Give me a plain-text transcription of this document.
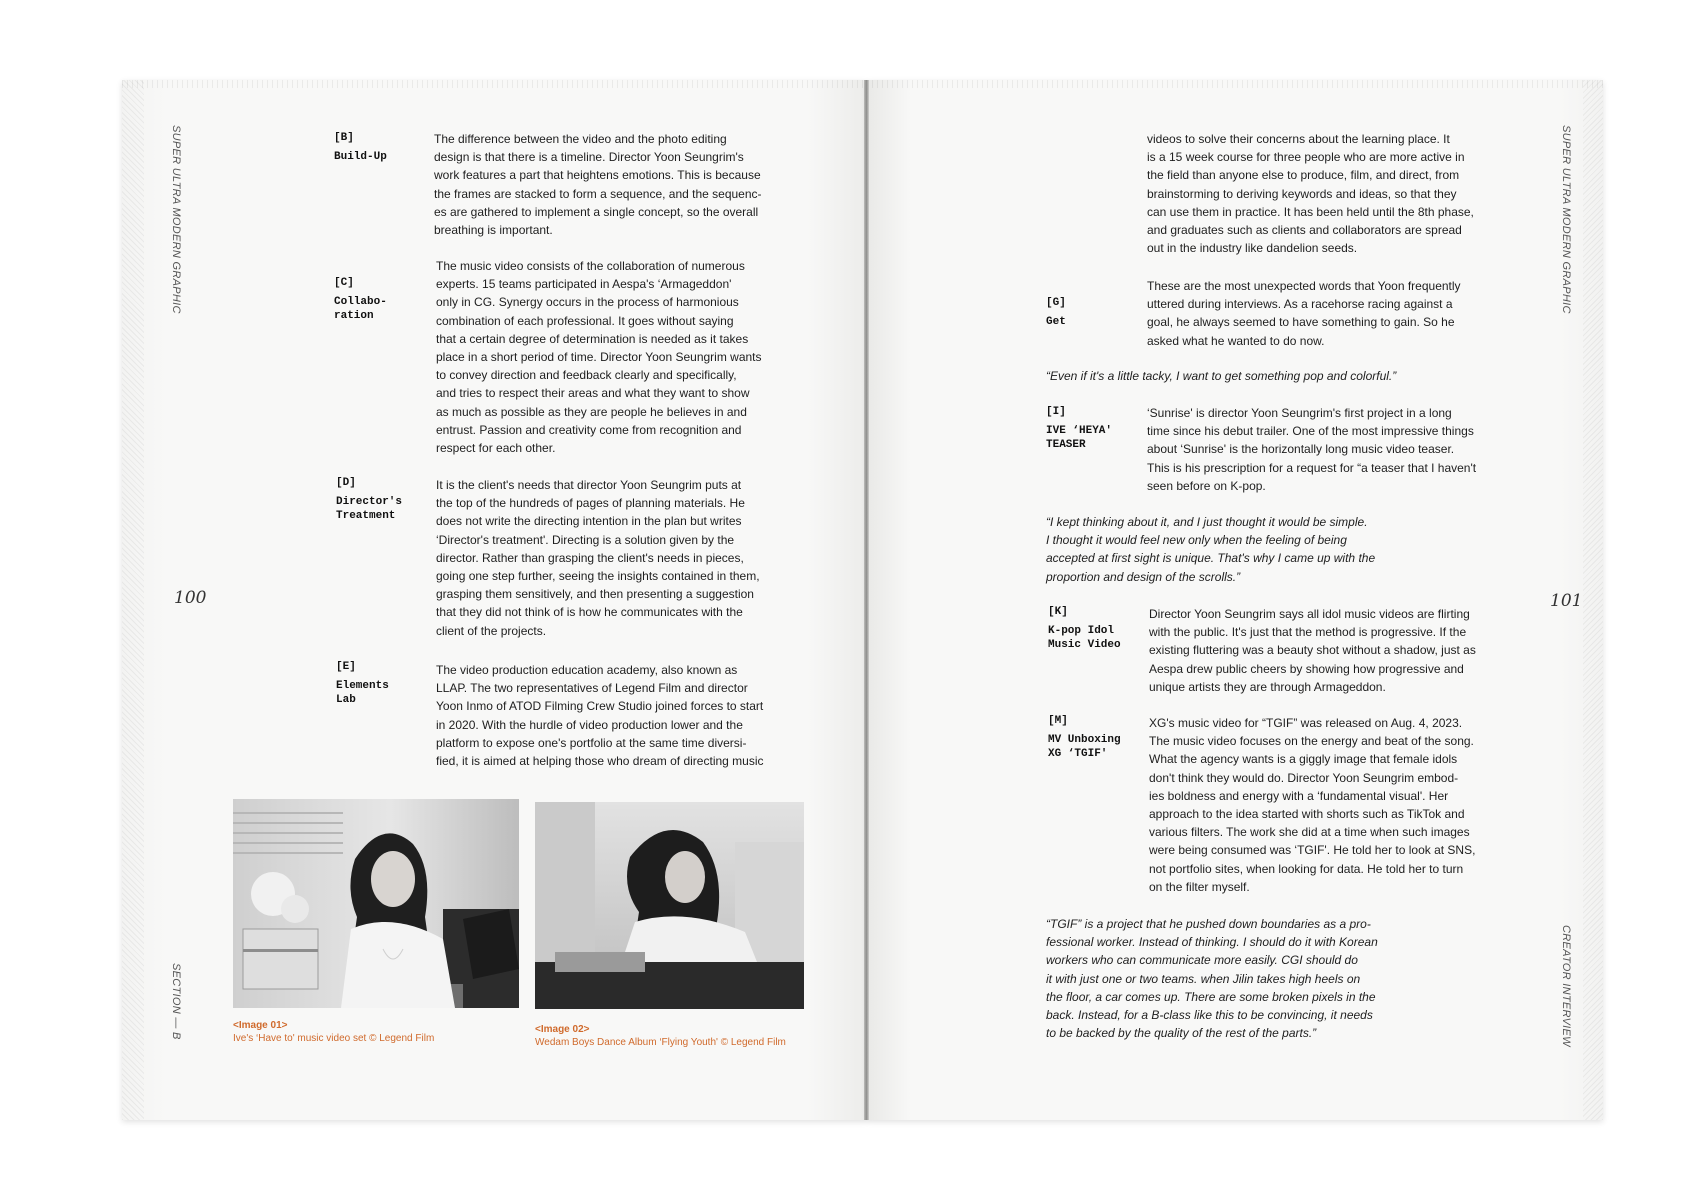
SUPER ULTRA MODERN GRAPHIC
100
SECTION — B
[B]
Build-Up
The difference between the video and the photo editing
design is that there is a timeline. Director Yoon Seungrim's
work features a part that heightens emotions. This is because
the frames are stacked to form a sequence, and the sequenc-
es are gathered to implement a single concept, so the overall
breathing is important.
[C]
Collabo-
ration
The music video consists of the collaboration of numerous
experts. 15 teams participated in Aespa's ‘Armageddon'
only in CG. Synergy occurs in the process of harmonious
combination of each professional. It goes without saying
that a certain degree of determination is needed as it takes
place in a short period of time. Director Yoon Seungrim wants
to convey direction and feedback clearly and specifically,
and tries to respect their areas and what they want to show
as much as possible as they are people he believes in and
entrust. Passion and creativity come from recognition and
respect for each other.
[D]
Director's
Treatment
It is the client's needs that director Yoon Seungrim puts at
the top of the hundreds of pages of planning materials. He
does not write the directing intention in the plan but writes
‘Director's treatment'. Directing is a solution given by the
director. Rather than grasping the client's needs in pieces,
going one step further, seeing the insights contained in them,
grasping them sensitively, and then presenting a suggestion
that they did not think of is how he communicates with the
client of the projects.
[E]
Elements
Lab
The video production education academy, also known as
LLAP. The two representatives of Legend Film and director
Yoon Inmo of ATOD Filming Crew Studio joined forces to start
in 2020. With the hurdle of video production lower and the
platform to expose one's portfolio at the same time diversi-
fied, it is aimed at helping those who dream of directing music
<Image 01>
Ive's ‘Have to' music video set © Legend Film
<Image 02>
Wedam Boys Dance Album ‘Flying Youth' © Legend Film
SUPER ULTRA MODERN GRAPHIC
101
CREATOR INTERVIEW
videos to solve their concerns about the learning place. It
is a 15 week course for three people who are more active in
the field than anyone else to produce, film, and direct, from
brainstorming to deriving keywords and ideas, so that they
can use them in practice. It has been held until the 8th phase,
and graduates such as clients and collaborators are spread
out in the industry like dandelion seeds.
[G]
Get
These are the most unexpected words that Yoon frequently
uttered during interviews. As a racehorse racing against a
goal, he always seemed to have something to gain. So he
asked what he wanted to do now.
“Even if it's a little tacky, I want to get something pop and colorful.”
[I]
IVE ‘HEYA'
TEASER
‘Sunrise' is director Yoon Seungrim's first project in a long
time since his debut trailer. One of the most impressive things
about ‘Sunrise' is the horizontally long music video teaser.
This is his prescription for a request for “a teaser that I haven't
seen before on K-pop.
“I kept thinking about it, and I just thought it would be simple.
I thought it would feel new only when the feeling of being
accepted at first sight is unique. That's why I came up with the
proportion and design of the scrolls.”
[K]
K-pop Idol
Music Video
Director Yoon Seungrim says all idol music videos are flirting
with the public. It's just that the method is progressive. If the
existing fluttering was a beauty shot without a shadow, just as
Aespa drew public cheers by showing how progressive and
unique artists they are through Armageddon.
[M]
MV Unboxing
XG ‘TGIF'
XG's music video for “TGIF” was released on Aug. 4, 2023.
The music video focuses on the energy and beat of the song.
What the agency wants is a giggly image that female idols
don't think they would do. Director Yoon Seungrim embod-
ies boldness and energy with a ‘fundamental visual'. Her
approach to the idea started with shorts such as TikTok and
various filters. The work she did at a time when such images
were being consumed was ‘TGIF'. He told her to look at SNS,
not portfolio sites, when looking for data. He told her to turn
on the filter myself.
“TGIF” is a project that he pushed down boundaries as a pro-
fessional worker. Instead of thinking. I should do it with Korean
workers who can communicate more easily. CGI should do
it with just one or two teams. when Jilin takes high heels on
the floor, a car comes up. There are some broken pixels in the
back. Instead, for a B-class like this to be convincing, it needs
to be backed by the quality of the rest of the parts.”
